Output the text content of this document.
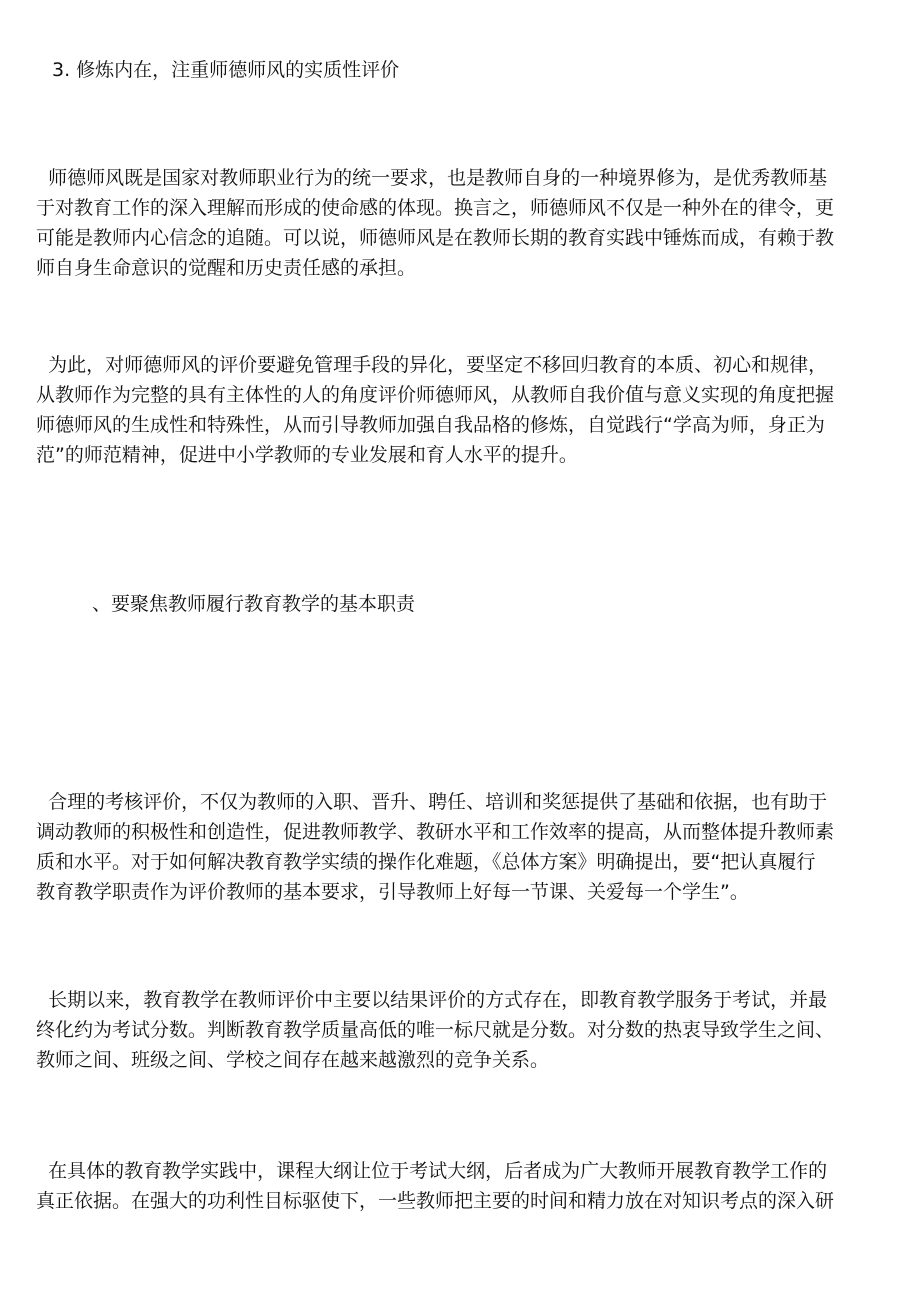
3. 修炼内在，注重师德师风的实质性评价
师德师风既是国家对教师职业行为的统一要求，也是教师自身的一种境界修为，是优秀教师基
于对教育工作的深入理解而形成的使命感的体现。换言之，师德师风不仅是一种外在的律令，更
可能是教师内心信念的追随。可以说，师德师风是在教师长期的教育实践中锤炼而成，有赖于教
师自身生命意识的觉醒和历史责任感的承担。
为此，对师德师风的评价要避免管理手段的异化，要坚定不移回归教育的本质、初心和规律，
从教师作为完整的具有主体性的人的角度评价师德师风，从教师自我价值与意义实现的角度把握
师德师风的生成性和特殊性，从而引导教师加强自我品格的修炼，自觉践行“学高为师，身正为
范”的师范精神，促进中小学教师的专业发展和育人水平的提升。
、要聚焦教师履行教育教学的基本职责
合理的考核评价，不仅为教师的入职、晋升、聘任、培训和奖惩提供了基础和依据，也有助于
调动教师的积极性和创造性，促进教师教学、教研水平和工作效率的提高，从而整体提升教师素
质和水平。对于如何解决教育教学实绩的操作化难题，《总体方案》明确提出，要“把认真履行
教育教学职责作为评价教师的基本要求，引导教师上好每一节课、关爱每一个学生”。
长期以来，教育教学在教师评价中主要以结果评价的方式存在，即教育教学服务于考试，并最
终化约为考试分数。判断教育教学质量高低的唯一标尺就是分数。对分数的热衷导致学生之间、
教师之间、班级之间、学校之间存在越来越激烈的竞争关系。
在具体的教育教学实践中，课程大纲让位于考试大纲，后者成为广大教师开展教育教学工作的
真正依据。在强大的功利性目标驱使下，一些教师把主要的时间和精力放在对知识考点的深入研
